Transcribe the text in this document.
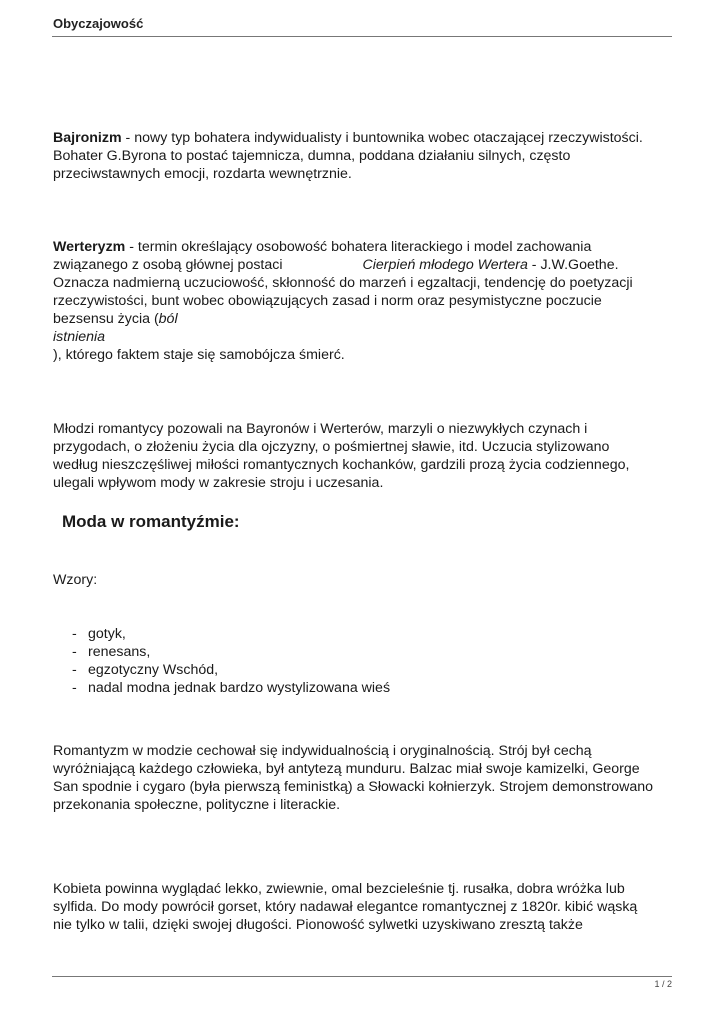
Obyczajowość
Bajronizm - nowy typ bohatera indywidualisty i buntownika wobec otaczającej rzeczywistości.
Bohater G.Byrona to postać tajemnicza, dumna, poddana działaniu silnych, często
przeciwstawnych emocji, rozdarta wewnętrznie.
Werteryzm - termin określający osobowość bohatera literackiego i model zachowania
związanego z osobą głównej postaci	Cierpień młodego Wertera - J.W.Goethe.
Oznacza nadmierną uczuciowość, skłonność do marzeń i egzaltacji, tendencję do poetyzacji
rzeczywistości, bunt wobec obowiązujących zasad i norm oraz pesymistyczne poczucie
bezsensu życia (ból
istnienia
), którego faktem staje się samobójcza śmierć.
Młodzi romantycy pozowali na Bayronów i Werterów, marzyli o niezwykłych czynach i
przygodach, o złożeniu życia dla ojczyzny, o pośmiertnej sławie, itd. Uczucia stylizowano
według nieszczęśliwej miłości romantycznych kochanków, gardzili prozą życia codziennego,
ulegali wpływom mody w zakresie stroju i uczesania.
Moda w romantyźmie:
Wzory:
- gotyk,
- renesans,
- egzotyczny Wschód,
- nadal modna jednak bardzo wystylizowana wieś
Romantyzm w modzie cechował się indywidualnością i oryginalnością. Strój był cechą
wyróżniającą każdego człowieka, był antytezą munduru. Balzac miał swoje kamizelki, George
San spodnie i cygaro (była pierwszą feministką) a Słowacki kołnierzyk. Strojem demonstrowano
przekonania społeczne, polityczne i literackie.
Kobieta powinna wyglądać lekko, zwiewnie, omal bezcieleśnie tj. rusałka, dobra wróżka lub
sylfida. Do mody powrócił gorset, który nadawał elegantce romantycznej z 1820r. kibić wąską
nie tylko w talii, dzięki swojej długości. Pionowość sylwetki uzyskiwano zresztą także
1 / 2
